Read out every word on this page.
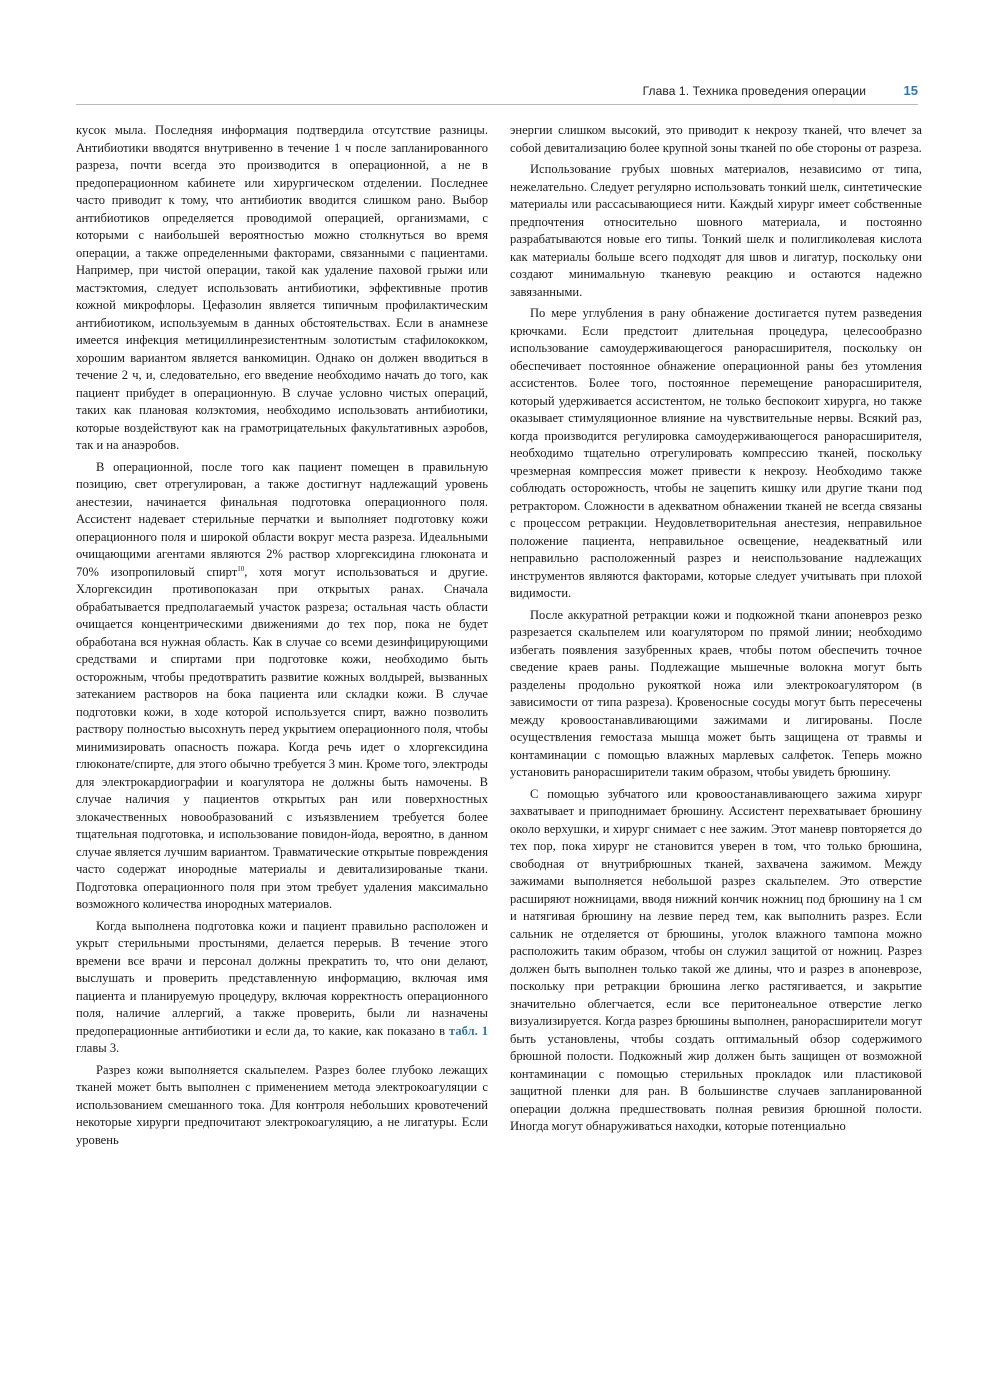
Глава 1. Техника проведения операции	15

кусок мыла. Последняя информация подтвердила отсутствие разницы. Антибиотики вводятся внутривенно в течение 1 ч после запланированного разреза, почти всегда это производится в операционной, а не в предоперационном кабинете или хирургическом отделении. Последнее часто приводит к тому, что антибиотик вводится слишком рано. Выбор антибиотиков определяется проводимой операцией, организмами, с которыми с наибольшей вероятностью можно столкнуться во время операции, а также определенными факторами, связанными с пациентами. Например, при чистой операции, такой как удаление паховой грыжи или мастэктомия, следует использовать антибиотики, эффективные против кожной микрофлоры. Цефазолин является типичным профилактическим антибиотиком, используемым в данных обстоятельствах. Если в анамнезе имеется инфекция метициллинрезистентным золотистым стафилококком, хорошим вариантом является ванкомицин. Однако он должен вводиться в течение 2 ч, и, следовательно, его введение необходимо начать до того, как пациент прибудет в операционную. В случае условно чистых операций, таких как плановая колэктомия, необходимо использовать антибиотики, которые воздействуют как на грамотрицательных факультативных аэробов, так и на анаэробов.

В операционной, после того как пациент помещен в правильную позицию, свет отрегулирован, а также достигнут надлежащий уровень анестезии, начинается финальная подготовка операционного поля. Ассистент надевает стерильные перчатки и выполняет подготовку кожи операционного поля и широкой области вокруг места разреза. Идеальными очищающими агентами являются 2% раствор хлоргексидина глюконата и 70% изопропиловый спирт$^{10}$, хотя могут использоваться и другие. Хлоргексидин противопоказан при открытых ранах. Сначала обрабатывается предполагаемый участок разреза; остальная часть области очищается концентрическими движениями до тех пор, пока не будет обработана вся нужная область. Как в случае со всеми дезинфицирующими средствами и спиртами при подготовке кожи, необходимо быть осторожным, чтобы предотвратить развитие кожных волдырей, вызванных затеканием растворов на бока пациента или складки кожи. В случае подготовки кожи, в ходе которой используется спирт, важно позволить раствору полностью высохнуть перед укрытием операционного поля, чтобы минимизировать опасность пожара. Когда речь идет о хлоргексидина глюконате/спирте, для этого обычно требуется 3 мин. Кроме того, электроды для электрокардиографии и коагулятора не должны быть намочены. В случае наличия у пациентов открытых ран или поверхностных злокачественных новообразований с изъязвлением требуется более тщательная подготовка, и использование повидон-йода, вероятно, в данном случае является лучшим вариантом. Травматические открытые повреждения часто содержат инородные материалы и девитализированые ткани. Подготовка операционного поля при этом требует удаления максимально возможного количества инородных материалов.

Когда выполнена подготовка кожи и пациент правильно расположен и укрыт стерильными простынями, делается перерыв. В течение этого времени все врачи и персонал должны прекратить то, что они делают, выслушать и проверить представленную информацию, включая имя пациента и планируемую процедуру, включая корректность операционного поля, наличие аллергий, а также проверить, были ли назначены предоперационные антибиотики и если да, то какие, как показано в табл. 1 главы 3.

Разрез кожи выполняется скальпелем. Разрез более глубоко лежащих тканей может быть выполнен с применением метода электрокоагуляции с использованием смешанного тока. Для контроля небольших кровотечений некоторые хирурги предпочитают электрокоагуляцию, а не лигатуры. Если уровень

энергии слишком высокий, это приводит к некрозу тканей, что влечет за собой девитализацию более крупной зоны тканей по обе стороны от разреза.

Использование грубых шовных материалов, независимо от типа, нежелательно. Следует регулярно использовать тонкий шелк, синтетические материалы или рассасывающиеся нити. Каждый хирург имеет собственные предпочтения относительно шовного материала, и постоянно разрабатываются новые его типы. Тонкий шелк и полигликолевая кислота как материалы больше всего подходят для швов и лигатур, поскольку они создают минимальную тканевую реакцию и остаются надежно завязанными.

По мере углубления в рану обнажение достигается путем разведения крючками. Если предстоит длительная процедура, целесообразно использование самоудерживающегося ранорасширителя, поскольку он обеспечивает постоянное обнажение операционной раны без утомления ассистентов. Более того, постоянное перемещение ранорасширителя, который удерживается ассистентом, не только беспокоит хирурга, но также оказывает стимуляционное влияние на чувствительные нервы. Всякий раз, когда производится регулировка самоудерживающегося ранорасширителя, необходимо тщательно отрегулировать компрессию тканей, поскольку чрезмерная компрессия может привести к некрозу. Необходимо также соблюдать осторожность, чтобы не зацепить кишку или другие ткани под ретрактором. Сложности в адекватном обнажении тканей не всегда связаны с процессом ретракции. Неудовлетворительная анестезия, неправильное положение пациента, неправильное освещение, неадекватный или неправильно расположенный разрез и неиспользование надлежащих инструментов являются факторами, которые следует учитывать при плохой видимости.

После аккуратной ретракции кожи и подкожной ткани апоневроз резко разрезается скальпелем или коагулятором по прямой линии; необходимо избегать появления зазубренных краев, чтобы потом обеспечить точное сведение краев раны. Подлежащие мышечные волокна могут быть разделены продольно рукояткой ножа или электрокоагулятором (в зависимости от типа разреза). Кровеносные сосуды могут быть пересечены между кровоостанавливающими зажимами и лигированы. После осуществления гемостаза мышца может быть защищена от травмы и контаминации с помощью влажных марлевых салфеток. Теперь можно установить ранорасширители таким образом, чтобы увидеть брюшину.

С помощью зубчатого или кровоостанавливающего зажима хирург захватывает и приподнимает брюшину. Ассистент перехватывает брюшину около верхушки, и хирург снимает с нее зажим. Этот маневр повторяется до тех пор, пока хирург не становится уверен в том, что только брюшина, свободная от внутрибрюшных тканей, захвачена зажимом. Между зажимами выполняется небольшой разрез скальпелем. Это отверстие расширяют ножницами, вводя нижний кончик ножниц под брюшину на 1 см и натягивая брюшину на лезвие перед тем, как выполнить разрез. Если сальник не отделяется от брюшины, уголок влажного тампона можно расположить таким образом, чтобы он служил защитой от ножниц. Разрез должен быть выполнен только такой же длины, что и разрез в апоневрозе, поскольку при ретракции брюшина легко растягивается, и закрытие значительно облегчается, если все перитонеальное отверстие легко визуализируется. Когда разрез брюшины выполнен, ранорасширители могут быть установлены, чтобы создать оптимальный обзор содержимого брюшной полости. Подкожный жир должен быть защищен от возможной контаминации с помощью стерильных прокладок или пластиковой защитной пленки для ран. В большинстве случаев запланированной операции должна предшествовать полная ревизия брюшной полости. Иногда могут обнаруживаться находки, которые потенциально
